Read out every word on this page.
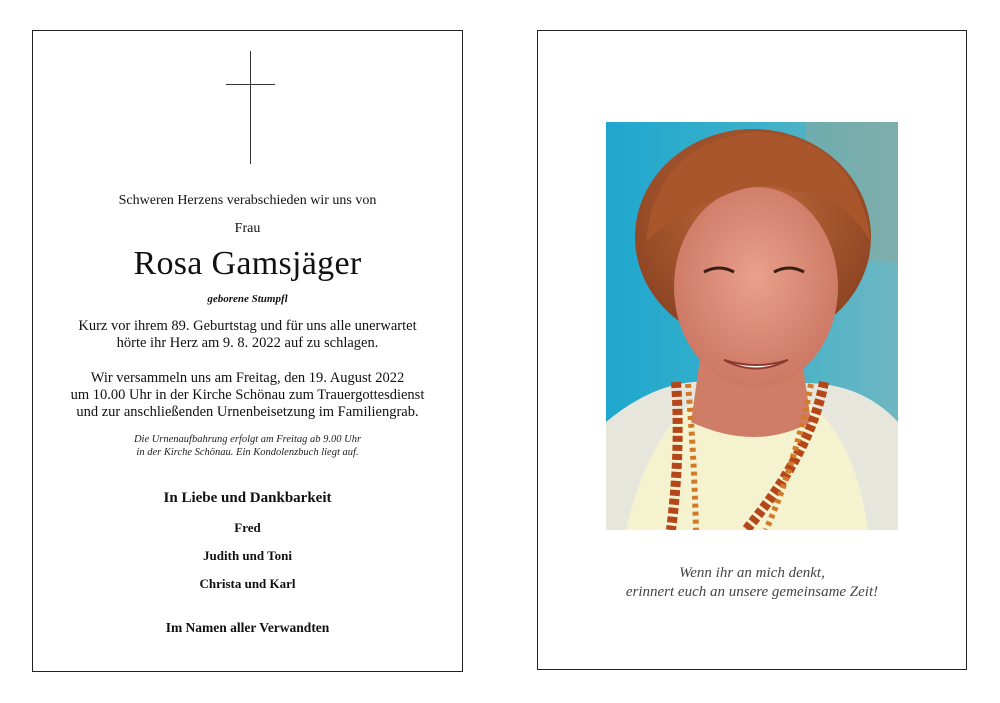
Schweren Herzens verabschieden wir uns von
Frau
Rosa Gamsjäger
geborene Stumpfl
Kurz vor ihrem 89. Geburtstag und für uns alle unerwartet
hörte ihr Herz am 9. 8. 2022 auf zu schlagen.
Wir versammeln uns am Freitag, den 19. August 2022
um 10.00 Uhr in der Kirche Schönau zum Trauergottesdienst
und zur anschließenden Urnenbeisetzung im Familiengrab.
Die Urnenaufbahrung erfolgt am Freitag ab 9.00 Uhr
in der Kirche Schönau. Ein Kondolenzbuch liegt auf.
In Liebe und Dankbarkeit
Fred
Judith und Toni
Christa und Karl
Im Namen aller Verwandten
Wenn ihr an mich denkt,
erinnert euch an unsere gemeinsame Zeit!
